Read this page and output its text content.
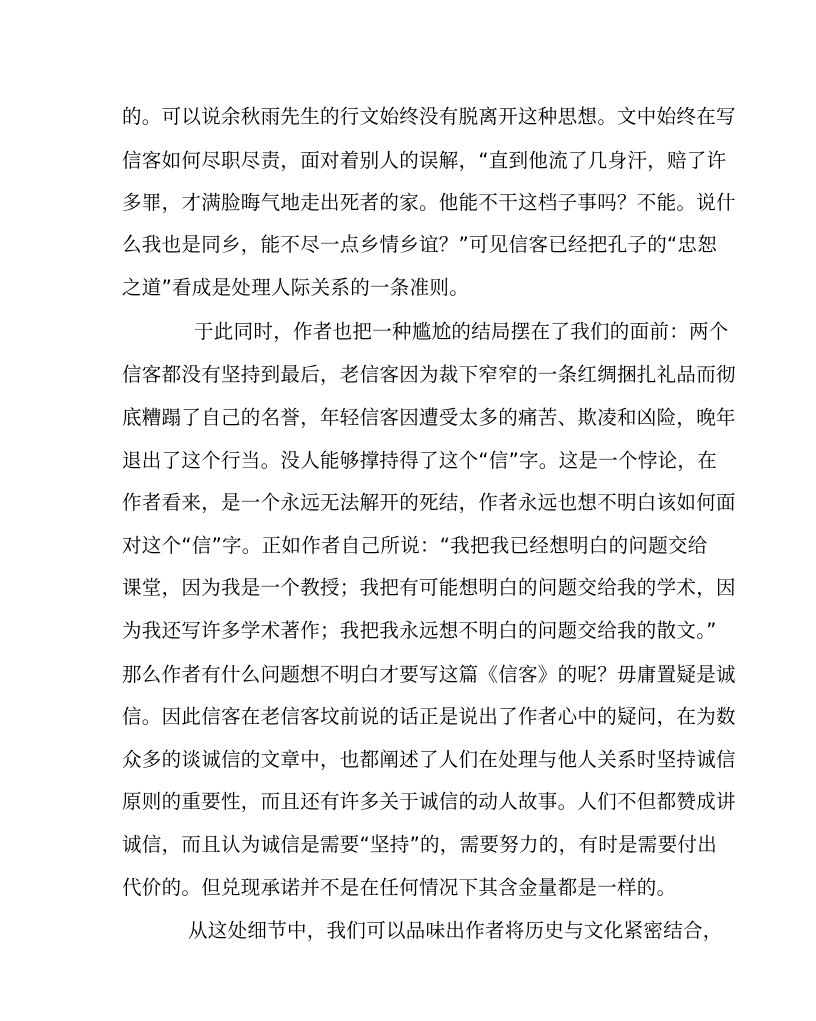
的。可以说余秋雨先生的行文始终没有脱离开这种思想。文中始终在写
信客如何尽职尽责，面对着别人的误解，“直到他流了几身汗，赔了许
多罪，才满脸晦气地走出死者的家。他能不干这档子事吗？不能。说什
么我也是同乡，能不尽一点乡情乡谊？”可见信客已经把孔子的“忠恕
之道”看成是处理人际关系的一条准则。
于此同时，作者也把一种尴尬的结局摆在了我们的面前：两个
信客都没有坚持到最后，老信客因为裁下窄窄的一条红绸捆扎礼品而彻
底糟蹋了自己的名誉，年轻信客因遭受太多的痛苦、欺凌和凶险，晚年
退出了这个行当。没人能够撑持得了这个“信”字。这是一个悖论，在
作者看来，是一个永远无法解开的死结，作者永远也想不明白该如何面
对这个“信”字。正如作者自己所说：“我把我已经想明白的问题交给
课堂，因为我是一个教授；我把有可能想明白的问题交给我的学术，因
为我还写许多学术著作；我把我永远想不明白的问题交给我的散文。”
那么作者有什么问题想不明白才要写这篇《信客》的呢？毋庸置疑是诚
信。因此信客在老信客坟前说的话正是说出了作者心中的疑问，在为数
众多的谈诚信的文章中，也都阐述了人们在处理与他人关系时坚持诚信
原则的重要性，而且还有许多关于诚信的动人故事。人们不但都赞成讲
诚信，而且认为诚信是需要“坚持”的，需要努力的，有时是需要付出
代价的。但兑现承诺并不是在任何情况下其含金量都是一样的。
从这处细节中，我们可以品味出作者将历史与文化紧密结合，
